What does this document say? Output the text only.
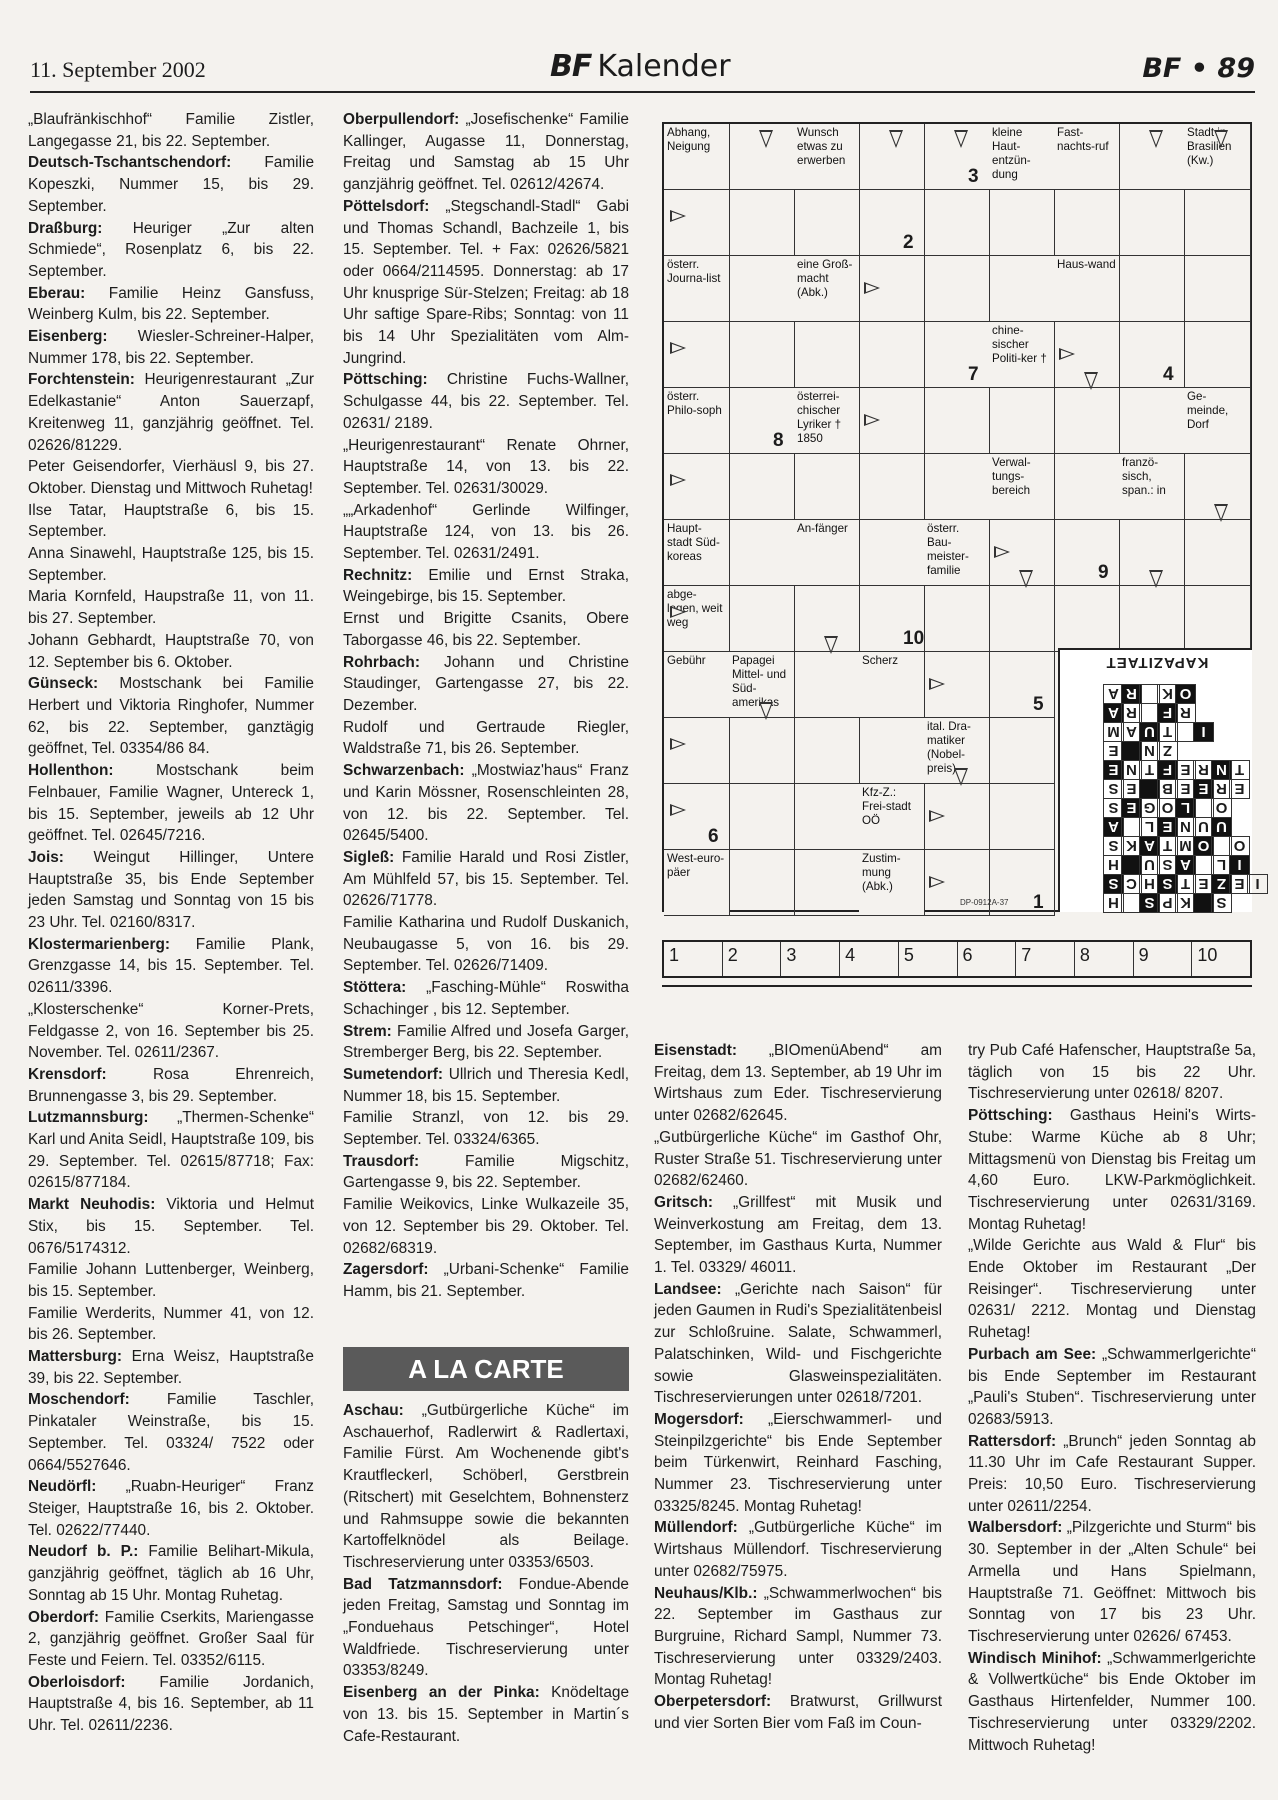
11. September 2002	BF Kalender	BF • 89

„Blaufränkischhof“ Familie Zistler, Langegasse 21, bis 22. September.

Deutsch-Tschantschendorf: Familie Kopeszki, Nummer 15, bis 29. September.

Draßburg: Heuriger „Zur alten Schmiede“, Rosenplatz 6, bis 22. September.

Eberau: Familie Heinz Gansfuss, Weinberg Kulm, bis 22. September.

Eisenberg: Wiesler-Schreiner-Halper, Nummer 178, bis 22. September.

Forchtenstein: Heurigenrestaurant „Zur Edelkastanie“ Anton Sauerzapf, Kreitenweg 11, ganzjährig geöffnet. Tel. 02626/81229.

Peter Geisendorfer, Vierhäusl 9, bis 27. Oktober. Dienstag und Mittwoch Ruhetag!

Ilse Tatar, Hauptstraße 6, bis 15. September.

Anna Sinawehl, Hauptstraße 125, bis 15. September.

Maria Kornfeld, Haupstraße 11, von 11. bis 27. September.

Johann Gebhardt, Hauptstraße 70, von 12. September bis 6. Oktober.

Günseck: Mostschank bei Familie Herbert und Viktoria Ringhofer, Nummer 62, bis 22. September, ganztägig geöffnet, Tel. 03354/86 84.

Hollenthon: Mostschank beim Felnbauer, Familie Wagner, Untereck 1, bis 15. September, jeweils ab 12 Uhr geöffnet. Tel. 02645/7216.

Jois: Weingut Hillinger, Untere Hauptstraße 35, bis Ende September jeden Samstag und Sonntag von 15 bis 23 Uhr. Tel. 02160/8317.

Klostermarienberg: Familie Plank, Grenzgasse 14, bis 15. September. Tel. 02611/3396.

„Klosterschenke“ Korner-Prets, Feldgasse 2, von 16. September bis 25. November. Tel. 02611/2367.

Krensdorf: Rosa Ehrenreich, Brunnengasse 3, bis 29. September.

Lutzmannsburg: „Thermen-Schenke“ Karl und Anita Seidl, Hauptstraße 109, bis 29. September. Tel. 02615/87718; Fax: 02615/877184.

Markt Neuhodis: Viktoria und Helmut Stix, bis 15. September. Tel. 0676/5174312.

Familie Johann Luttenberger, Weinberg, bis 15. September.

Familie Werderits, Nummer 41, von 12. bis 26. September.

Mattersburg: Erna Weisz, Hauptstraße 39, bis 22. September.

Moschendorf: Familie Taschler, Pinkataler Weinstraße, bis 15. September. Tel. 03324/ 7522 oder 0664/5527646.

Neudörfl: „Ruabn-Heuriger“ Franz Steiger, Hauptstraße 16, bis 2. Oktober. Tel. 02622/77440.

Neudorf b. P.: Familie Belihart-Mikula, ganzjährig geöffnet, täglich ab 16 Uhr, Sonntag ab 15 Uhr. Montag Ruhetag.

Oberdorf: Familie Cserkits, Mariengasse 2, ganzjährig geöffnet. Großer Saal für Feste und Feiern. Tel. 03352/6115.

Oberloisdorf: Familie Jordanich, Hauptstraße 4, bis 16. September, ab 11 Uhr. Tel. 02611/2236.

Oberpullendorf: „Josefischenke“ Familie Kallinger, Augasse 11, Donnerstag, Freitag und Samstag ab 15 Uhr ganzjährig geöffnet. Tel. 02612/42674.

Pöttelsdorf: „Stegschandl-Stadl“ Gabi und Thomas Schandl, Bachzeile 1, bis 15. September. Tel. + Fax: 02626/5821 oder 0664/2114595. Donnerstag: ab 17 Uhr knusprige Sür-Stelzen; Freitag: ab 18 Uhr saftige Spare-Ribs; Sonntag: von 11 bis 14 Uhr Spezialitäten vom Alm-Jungrind.

Pöttsching: Christine Fuchs-Wallner, Schulgasse 44, bis 22. September. Tel. 02631/ 2189.

„Heurigenrestaurant“ Renate Ohrner, Hauptstraße 14, von 13. bis 22. September. Tel. 02631/30029.

„„Arkadenhof“ Gerlinde Wilfinger, Hauptstraße 124, von 13. bis 26. September. Tel. 02631/2491.

Rechnitz: Emilie und Ernst Straka, Weingebirge, bis 15. September.

Ernst und Brigitte Csanits, Obere Taborgasse 46, bis 22. September.

Rohrbach: Johann und Christine Staudinger, Gartengasse 27, bis 22. Dezember.

Rudolf und Gertraude Riegler, Waldstraße 71, bis 26. September.

Schwarzenbach: „Mostwiaz'haus“ Franz und Karin Mössner, Rosenschleinten 28, von 12. bis 22. September. Tel. 02645/5400.

Sigleß: Familie Harald und Rosi Zistler, Am Mühlfeld 57, bis 15. September. Tel. 02626/71778.

Familie Katharina und Rudolf Duskanich, Neubaugasse 5, von 16. bis 29. September. Tel. 02626/71409.

Stöttera: „Fasching-Mühle“ Roswitha Schachinger , bis 12. September.

Strem: Familie Alfred und Josefa Garger, Stremberger Berg, bis 22. September.

Sumetendorf: Ullrich und Theresia Kedl, Nummer 18, bis 15. September.

Familie Stranzl, von 12. bis 29. September. Tel. 03324/6365.

Trausdorf: Familie Migschitz, Gartengasse 9, bis 22. September.

Familie Weikovics, Linke Wulkazeile 35, von 12. September bis 29. Oktober. Tel. 02682/68319.

Zagersdorf: „Urbani-Schenke“ Familie Hamm, bis 21. September.

A LA CARTE

Aschau: „Gutbürgerliche Küche“ im Aschauerhof, Radlerwirt & Radlertaxi, Familie Fürst. Am Wochenende gibt's Krautfleckerl, Schöberl, Gerstbrein (Ritschert) mit Geselchtem, Bohnensterz und Rahmsuppe sowie die bekannten Kartoffelknödel als Beilage. Tischreservierung unter 03353/6503.

Bad Tatzmannsdorf: Fondue-Abende jeden Freitag, Samstag und Sonntag im „Fonduehaus Petschinger“, Hotel Waldfriede. Tischreservierung unter 03353/8249.

Eisenberg an der Pinka: Knödeltage von 13. bis 15. September in Martin´s Cafe-Restaurant.

Abhang, Neigung
Wunsch etwas zu erwerben
kleine Haut-entzün-dung
Fast-nachts-ruf
Stadt in Brasilien (Kw.)
österr. Journa-list
eine Groß-macht (Abk.)
Haus-wand
chine-sischer Politi-ker †
österr. Philo-soph
österrei-chischer Lyriker † 1850
Ge-meinde, Dorf
Verwal-tungs-bereich
franzö-sisch, span.: in
Haupt-stadt Süd-koreas
An-fänger	österr. Bau-meister-familie
abge-legen, weit weg
Gebühr	Papagei Mittel- und Süd-amerikas
Scherz
ital. Dra-matiker (Nobel-preis)
Kfz-Z.: Frei-stadt OÖ
West-euro-päer
Zustim-mung (Abk.)
3
2
7	4
8
9
10
5
6
1
KAPAZITAET
A R	K O
A R	F R
M A U T	I
E	N Z
E N T F E R N T
S E	B E E R E
S E G O L	O
A	L E N U U
S K A T M O	O
H	U S A	L I
S C H S T E Z E I
H	S P K	S
DP-0912A-37
1	2	3	4	5	6	7	8	9	10

Eisenstadt: „BIOmenüAbend“ am Freitag, dem 13. September, ab 19 Uhr im Wirtshaus zum Eder. Tischreservierung unter 02682/62645.

„Gutbürgerliche Küche“ im Gasthof Ohr, Ruster Straße 51. Tischreservierung unter 02682/62460.

Gritsch: „Grillfest“ mit Musik und Weinverkostung am Freitag, dem 13. September, im Gasthaus Kurta, Nummer 1. Tel. 03329/ 46011.

Landsee: „Gerichte nach Saison“ für jeden Gaumen in Rudi's Spezialitätenbeisl zur Schloßruine. Salate, Schwammerl, Palatschinken, Wild- und Fischgerichte sowie Glasweinspezialitäten. Tischreservierungen unter 02618/7201.

Mogersdorf: „Eierschwammerl- und Steinpilzgerichte“ bis Ende September beim Türkenwirt, Reinhard Fasching, Nummer 23. Tischreservierung unter 03325/8245. Montag Ruhetag!

Müllendorf: „Gutbürgerliche Küche“ im Wirtshaus Müllendorf. Tischreservierung unter 02682/75975.

Neuhaus/Klb.: „Schwammerlwochen“ bis 22. September im Gasthaus zur Burgruine, Richard Sampl, Nummer 73. Tischreservierung unter 03329/2403. Montag Ruhetag!

Oberpetersdorf: Bratwurst, Grillwurst und vier Sorten Bier vom Faß im Coun-

try Pub Café Hafenscher, Hauptstraße 5a, täglich von 15 bis 22 Uhr. Tischreservierung unter 02618/ 8207.

Pöttsching: Gasthaus Heini's Wirts-Stube: Warme Küche ab 8 Uhr; Mittagsmenü von Dienstag bis Freitag um 4,60 Euro. LKW-Parkmöglichkeit. Tischreservierung unter 02631/3169. Montag Ruhetag!

„Wilde Gerichte aus Wald & Flur“ bis Ende Oktober im Restaurant „Der Reisinger“. Tischreservierung unter 02631/ 2212. Montag und Dienstag Ruhetag!

Purbach am See: „Schwammerlgerichte“ bis Ende September im Restaurant „Pauli's Stuben“. Tischreservierung unter 02683/5913.

Rattersdorf: „Brunch“ jeden Sonntag ab 11.30 Uhr im Cafe Restaurant Supper. Preis: 10,50 Euro. Tischreservierung unter 02611/2254.

Walbersdorf: „Pilzgerichte und Sturm“ bis 30. September in der „Alten Schule“ bei Armella und Hans Spielmann, Hauptstraße 71. Geöffnet: Mittwoch bis Sonntag von 17 bis 23 Uhr. Tischreservierung unter 02626/ 67453.

Windisch Minihof: „Schwammerlgerichte & Vollwertküche“ bis Ende Oktober im Gasthaus Hirtenfelder, Nummer 100. Tischreservierung unter 03329/2202. Mittwoch Ruhetag!
